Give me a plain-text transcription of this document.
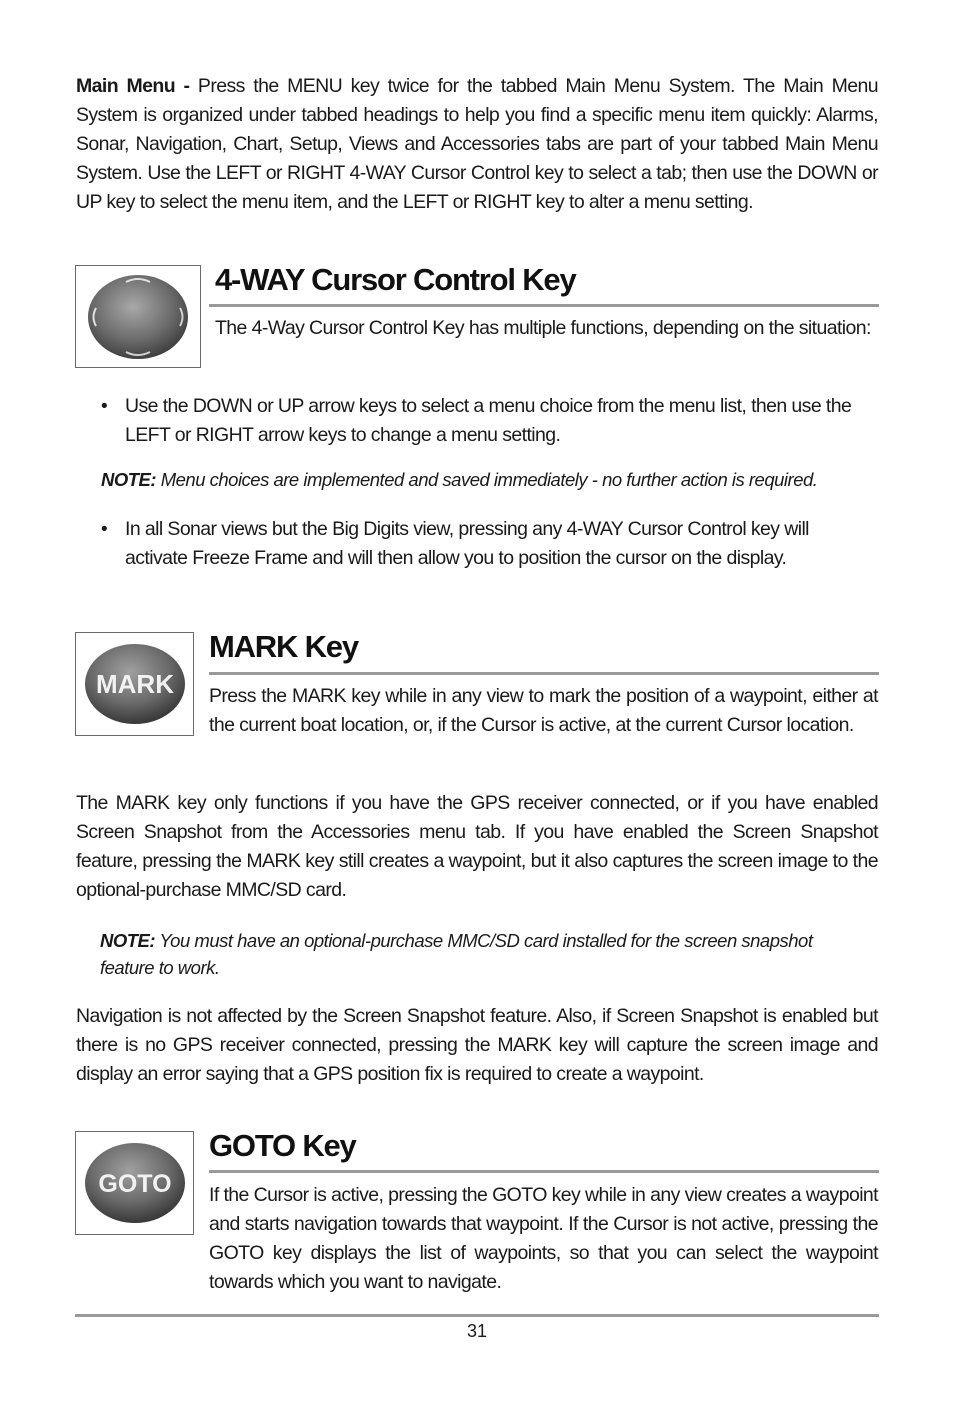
Main Menu - Press the MENU key twice for the tabbed Main Menu System. The Main Menu System is organized under tabbed headings to help you find a specific menu item quickly: Alarms, Sonar, Navigation, Chart, Setup, Views and Accessories tabs are part of your tabbed Main Menu System. Use the LEFT or RIGHT 4-WAY Cursor Control key to select a tab; then use the DOWN or UP key to select the menu item, and the LEFT or RIGHT key to alter a menu setting.
4-WAY Cursor Control Key
The 4-Way Cursor Control Key has multiple functions, depending on the situation:
• Use the DOWN or UP arrow keys to select a menu choice from the menu list, then use the LEFT or RIGHT arrow keys to change a menu setting.
NOTE: Menu choices are implemented and saved immediately - no further action is required.
• In all Sonar views but the Big Digits view, pressing any 4-WAY Cursor Control key will activate Freeze Frame and will then allow you to position the cursor on the display.
MARK
MARK Key
Press the MARK key while in any view to mark the position of a waypoint, either at the current boat location, or, if the Cursor is active, at the current Cursor location.
The MARK key only functions if you have the GPS receiver connected, or if you have enabled Screen Snapshot from the Accessories menu tab. If you have enabled the Screen Snapshot feature, pressing the MARK key still creates a waypoint, but it also captures the screen image to the optional-purchase MMC/SD card.
NOTE: You must have an optional-purchase MMC/SD card installed for the screen snapshot feature to work.
Navigation is not affected by the Screen Snapshot feature. Also, if Screen Snapshot is enabled but there is no GPS receiver connected, pressing the MARK key will capture the screen image and display an error saying that a GPS position fix is required to create a waypoint.
GOTO
GOTO Key
If the Cursor is active, pressing the GOTO key while in any view creates a waypoint and starts navigation towards that waypoint. If the Cursor is not active, pressing the GOTO key displays the list of waypoints, so that you can select the waypoint towards which you want to navigate.
31
